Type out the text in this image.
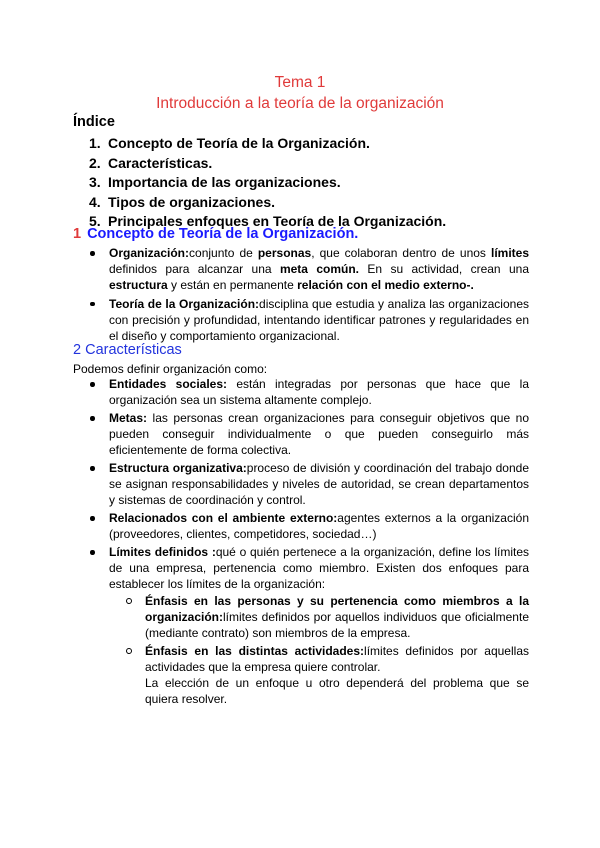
Tema 1
Introducción a la teoría de la organización
Índice
1. Concepto de Teoría de la Organización.
2. Características.
3. Importancia de las organizaciones.
4. Tipos de organizaciones.
5. Principales enfoques en Teoría de la Organización.
1 Concepto de Teoría de la Organización.
Organización:conjunto de personas, que colaboran dentro de unos límites definidos para alcanzar una meta común. En su actividad, crean una estructura y están en permanente relación con el medio externo-.
Teoría de la Organización:disciplina que estudia y analiza las organizaciones con precisión y profundidad, intentando identificar patrones y regularidades en el diseño y comportamiento organizacional.
2 Características
Podemos definir organización como:
Entidades sociales: están integradas por personas que hace que la organización sea un sistema altamente complejo.
Metas: las personas crean organizaciones para conseguir objetivos que no pueden conseguir individualmente o que pueden conseguirlo más eficientemente de forma colectiva.
Estructura organizativa:proceso de división y coordinación del trabajo donde se asignan responsabilidades y niveles de autoridad, se crean departamentos y sistemas de coordinación y control.
Relacionados con el ambiente externo:agentes externos a la organización (proveedores, clientes, competidores, sociedad…)
Límites definidos :qué o quién pertenece a la organización, define los límites de una empresa, pertenencia como miembro. Existen dos enfoques para establecer los límites de la organización:
Énfasis en las personas y su pertenencia como miembros a la organización:límites definidos por aquellos individuos que oficialmente (mediante contrato) son miembros de la empresa.
Énfasis en las distintas actividades:límites definidos por aquellas actividades que la empresa quiere controlar.
La elección de un enfoque u otro dependerá del problema que se quiera resolver.
